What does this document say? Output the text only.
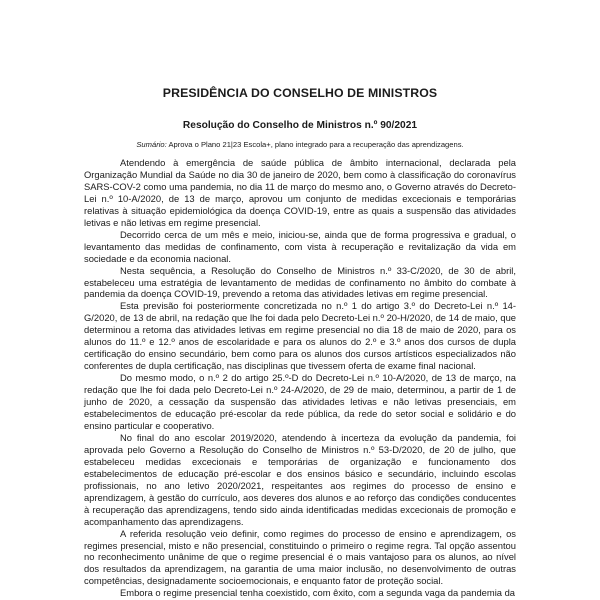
PRESIDÊNCIA DO CONSELHO DE MINISTROS
Resolução do Conselho de Ministros n.º 90/2021
Sumário: Aprova o Plano 21|23 Escola+, plano integrado para a recuperação das aprendizagens.

Atendendo à emergência de saúde pública de âmbito internacional, declarada pela Organização Mundial da Saúde no dia 30 de janeiro de 2020, bem como à classificação do coronavírus SARS-COV-2 como uma pandemia, no dia 11 de março do mesmo ano, o Governo através do Decreto-Lei n.º 10-A/2020, de 13 de março, aprovou um conjunto de medidas excecionais e temporárias relativas à situação epidemiológica da doença COVID-19, entre as quais a suspensão das atividades letivas e não letivas em regime presencial.

Decorrido cerca de um mês e meio, iniciou-se, ainda que de forma progressiva e gradual, o levantamento das medidas de confinamento, com vista à recuperação e revitalização da vida em sociedade e da economia nacional.

Nesta sequência, a Resolução do Conselho de Ministros n.º 33-C/2020, de 30 de abril, estabeleceu uma estratégia de levantamento de medidas de confinamento no âmbito do combate à pandemia da doença COVID-19, prevendo a retoma das atividades letivas em regime presencial.

Esta previsão foi posteriormente concretizada no n.º 1 do artigo 3.º do Decreto-Lei n.º 14-G/2020, de 13 de abril, na redação que lhe foi dada pelo Decreto-Lei n.º 20-H/2020, de 14 de maio, que determinou a retoma das atividades letivas em regime presencial no dia 18 de maio de 2020, para os alunos do 11.º e 12.º anos de escolaridade e para os alunos do 2.º e 3.º anos dos cursos de dupla certificação do ensino secundário, bem como para os alunos dos cursos artísticos especializados não conferentes de dupla certificação, nas disciplinas que tivessem oferta de exame final nacional.

Do mesmo modo, o n.º 2 do artigo 25.º-D do Decreto-Lei n.º 10-A/2020, de 13 de março, na redação que lhe foi dada pelo Decreto-Lei n.º 24-A/2020, de 29 de maio, determinou, a partir de 1 de junho de 2020, a cessação da suspensão das atividades letivas e não letivas presenciais, em estabelecimentos de educação pré-escolar da rede pública, da rede do setor social e solidário e do ensino particular e cooperativo.

No final do ano escolar 2019/2020, atendendo à incerteza da evolução da pandemia, foi aprovada pelo Governo a Resolução do Conselho de Ministros n.º 53-D/2020, de 20 de julho, que estabeleceu medidas excecionais e temporárias de organização e funcionamento dos estabelecimentos de educação pré-escolar e dos ensinos básico e secundário, incluindo escolas profissionais, no ano letivo 2020/2021, respeitantes aos regimes do processo de ensino e aprendizagem, à gestão do currículo, aos deveres dos alunos e ao reforço das condições conducentes à recuperação das aprendizagens, tendo sido ainda identificadas medidas excecionais de promoção e acompanhamento das aprendizagens.

A referida resolução veio definir, como regimes do processo de ensino e aprendizagem, os regimes presencial, misto e não presencial, constituindo o primeiro o regime regra. Tal opção assentou no reconhecimento unânime de que o regime presencial é o mais vantajoso para os alunos, ao nível dos resultados da aprendizagem, na garantia de uma maior inclusão, no desenvolvimento de outras competências, designadamente socioemocionais, e enquanto fator de proteção social.

Embora o regime presencial tenha coexistido, com êxito, com a segunda vaga da pandemia da
